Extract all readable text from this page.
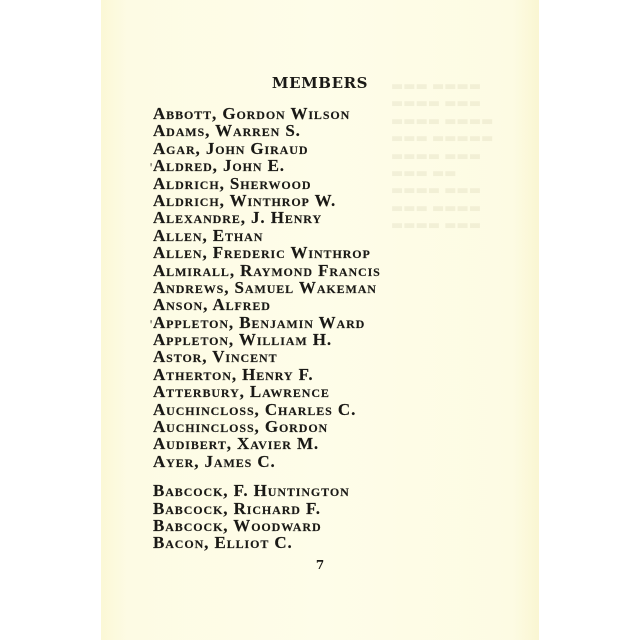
▬▬▬ ▬▬▬▬
▬▬▬▬ ▬▬▬
▬▬▬▬ ▬▬▬▬
▬▬▬ ▬▬▬▬▬
▬▬▬▬ ▬▬▬
▬▬▬ ▬▬
▬▬▬▬ ▬▬▬
▬▬▬ ▬▬▬▬
▬▬▬▬ ▬▬▬
MEMBERS
Abbott, Gordon Wilson
Adams, Warren S.
Agar, John Giraud
'Aldred, John E.
Aldrich, Sherwood
Aldrich, Winthrop W.
Alexandre, J. Henry
Allen, Ethan
Allen, Frederic Winthrop
Almirall, Raymond Francis
Andrews, Samuel Wakeman
Anson, Alfred
'Appleton, Benjamin Ward
Appleton, William H.
Astor, Vincent
Atherton, Henry F.
Atterbury, Lawrence
Auchincloss, Charles C.
Auchincloss, Gordon
Audibert, Xavier M.
Ayer, James C.
Babcock, F. Huntington
Babcock, Richard F.
Babcock, Woodward
Bacon, Elliot C.
7
